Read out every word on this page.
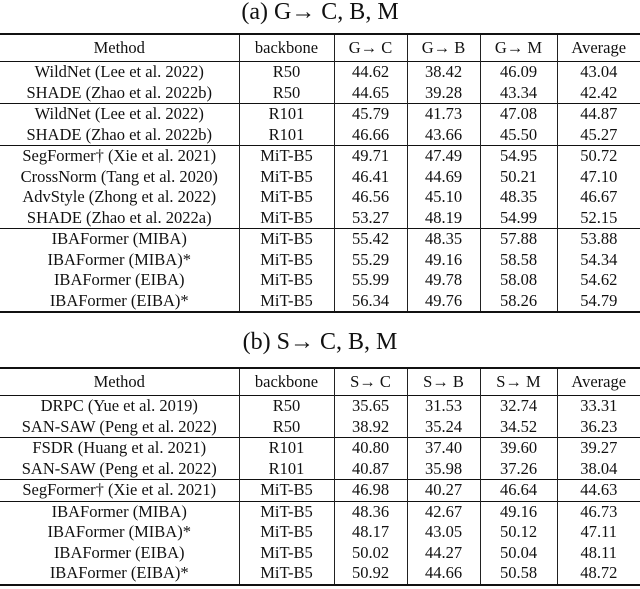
(a) G→ C, B, M
Method	backbone	G→ C	G→ B	G→ M	Average
WildNet (Lee et al. 2022)	R50	44.62	38.42	46.09	43.04
SHADE (Zhao et al. 2022b)	R50	44.65	39.28	43.34	42.42
WildNet (Lee et al. 2022)	R101	45.79	41.73	47.08	44.87
SHADE (Zhao et al. 2022b)	R101	46.66	43.66	45.50	45.27
SegFormer† (Xie et al. 2021)	MiT-B5	49.71	47.49	54.95	50.72
CrossNorm (Tang et al. 2020)	MiT-B5	46.41	44.69	50.21	47.10
AdvStyle (Zhong et al. 2022)	MiT-B5	46.56	45.10	48.35	46.67
SHADE (Zhao et al. 2022a)	MiT-B5	53.27	48.19	54.99	52.15
IBAFormer (MIBA)	MiT-B5	55.42	48.35	57.88	53.88
IBAFormer (MIBA)*	MiT-B5	55.29	49.16	58.58	54.34
IBAFormer (EIBA)	MiT-B5	55.99	49.78	58.08	54.62
IBAFormer (EIBA)*	MiT-B5	56.34	49.76	58.26	54.79
(b) S→ C, B, M
Method	backbone	S→ C	S→ B	S→ M	Average
DRPC (Yue et al. 2019)	R50	35.65	31.53	32.74	33.31
SAN-SAW (Peng et al. 2022)	R50	38.92	35.24	34.52	36.23
FSDR (Huang et al. 2021)	R101	40.80	37.40	39.60	39.27
SAN-SAW (Peng et al. 2022)	R101	40.87	35.98	37.26	38.04
SegFormer† (Xie et al. 2021)	MiT-B5	46.98	40.27	46.64	44.63
IBAFormer (MIBA)	MiT-B5	48.36	42.67	49.16	46.73
IBAFormer (MIBA)*	MiT-B5	48.17	43.05	50.12	47.11
IBAFormer (EIBA)	MiT-B5	50.02	44.27	50.04	48.11
IBAFormer (EIBA)*	MiT-B5	50.92	44.66	50.58	48.72
